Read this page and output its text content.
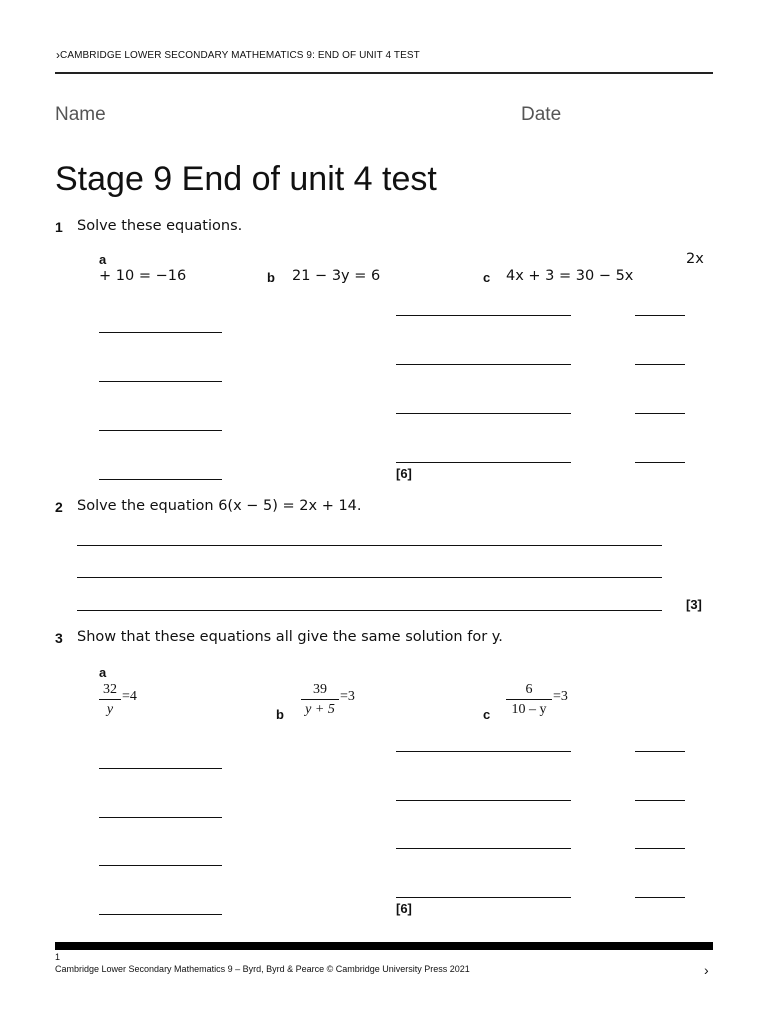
› CAMBRIDGE LOWER SECONDARY MATHEMATICS 9: END OF UNIT 4 TEST
Name	Date
Stage 9 End of unit 4 test
1 Solve these equations.
a	2x
+ 10 = −16	b 21 − 3y = 6	c 4x + 3 = 30 − 5x
[6]
2 Solve the equation 6(x − 5) = 2x + 14.
[3]
3 Show that these equations all give the same solution for y.
a
32
y
=4
b
39
y + 5
=3
c
6
10 – y
=3
[6]
1
Cambridge Lower Secondary Mathematics 9 – Byrd, Byrd & Pearce © Cambridge University Press 2021	›
